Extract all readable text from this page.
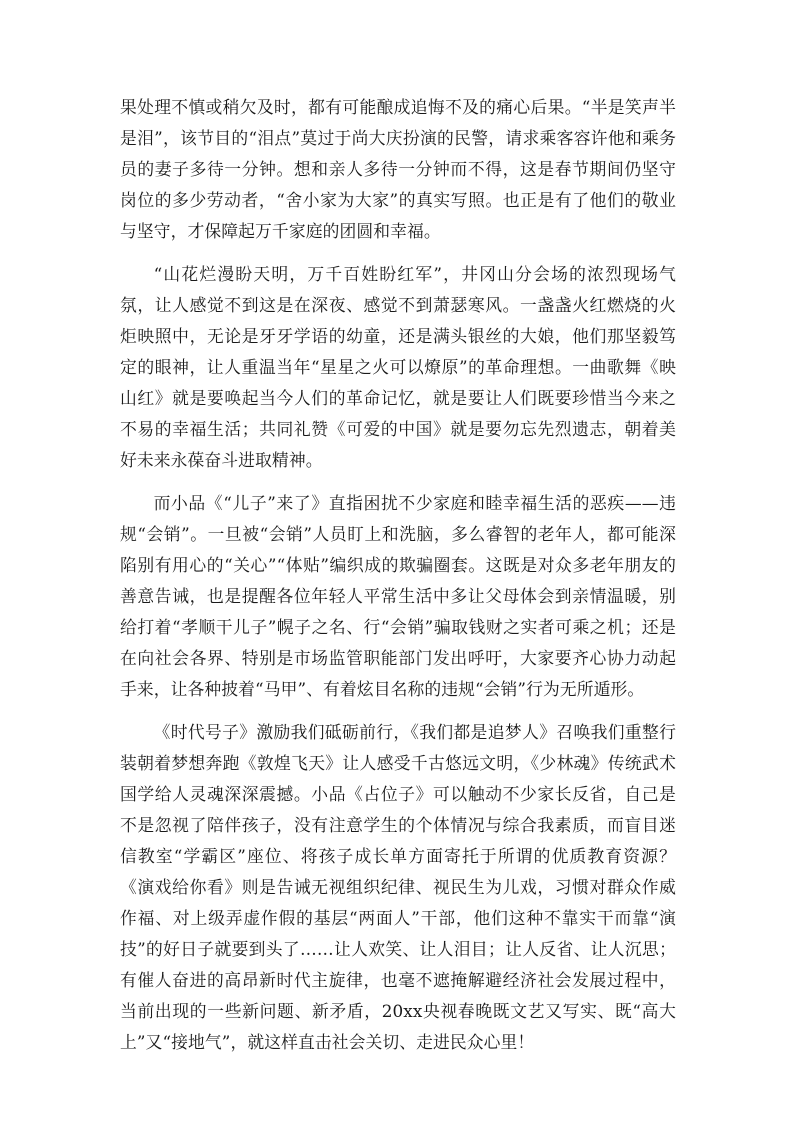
果处理不慎或稍欠及时，都有可能酿成追悔不及的痛心后果。“半是笑声半是泪”，该节目的“泪点”莫过于尚大庆扮演的民警，请求乘客容许他和乘务员的妻子多待一分钟。想和亲人多待一分钟而不得，这是春节期间仍坚守岗位的多少劳动者，“舍小家为大家”的真实写照。也正是有了他们的敬业与坚守，才保障起万千家庭的团圆和幸福。

“山花烂漫盼天明，万千百姓盼红军”，井冈山分会场的浓烈现场气氛，让人感觉不到这是在深夜、感觉不到萧瑟寒风。一盏盏火红燃烧的火炬映照中，无论是牙牙学语的幼童，还是满头银丝的大娘，他们那坚毅笃定的眼神，让人重温当年“星星之火可以燎原”的革命理想。一曲歌舞《映山红》就是要唤起当今人们的革命记忆，就是要让人们既要珍惜当今来之不易的幸福生活；共同礼赞《可爱的中国》就是要勿忘先烈遗志，朝着美好未来永葆奋斗进取精神。

而小品《“儿子”来了》直指困扰不少家庭和睦幸福生活的恶疾——违规“会销”。一旦被“会销”人员盯上和洗脑，多么睿智的老年人，都可能深陷别有用心的“关心”“体贴”编织成的欺骗圈套。这既是对众多老年朋友的善意告诫，也是提醒各位年轻人平常生活中多让父母体会到亲情温暖，别给打着“孝顺干儿子”幌子之名、行“会销”骗取钱财之实者可乘之机；还是在向社会各界、特别是市场监管职能部门发出呼吁，大家要齐心协力动起手来，让各种披着“马甲”、有着炫目名称的违规“会销”行为无所遁形。

《时代号子》激励我们砥砺前行，《我们都是追梦人》召唤我们重整行装朝着梦想奔跑《敦煌飞天》让人感受千古悠远文明，《少林魂》传统武术国学给人灵魂深深震撼。小品《占位子》可以触动不少家长反省，自己是不是忽视了陪伴孩子，没有注意学生的个体情况与综合我素质，而盲目迷信教室“学霸区”座位、将孩子成长单方面寄托于所谓的优质教育资源？《演戏给你看》则是告诫无视组织纪律、视民生为儿戏，习惯对群众作威作福、对上级弄虚作假的基层“两面人”干部，他们这种不靠实干而靠“演技”的好日子就要到头了……让人欢笑、让人泪目；让人反省、让人沉思；有催人奋进的高昂新时代主旋律，也毫不遮掩解避经济社会发展过程中，当前出现的一些新问题、新矛盾，20xx央视春晚既文艺又写实、既“高大上”又“接地气”，就这样直击社会关切、走进民众心里！
